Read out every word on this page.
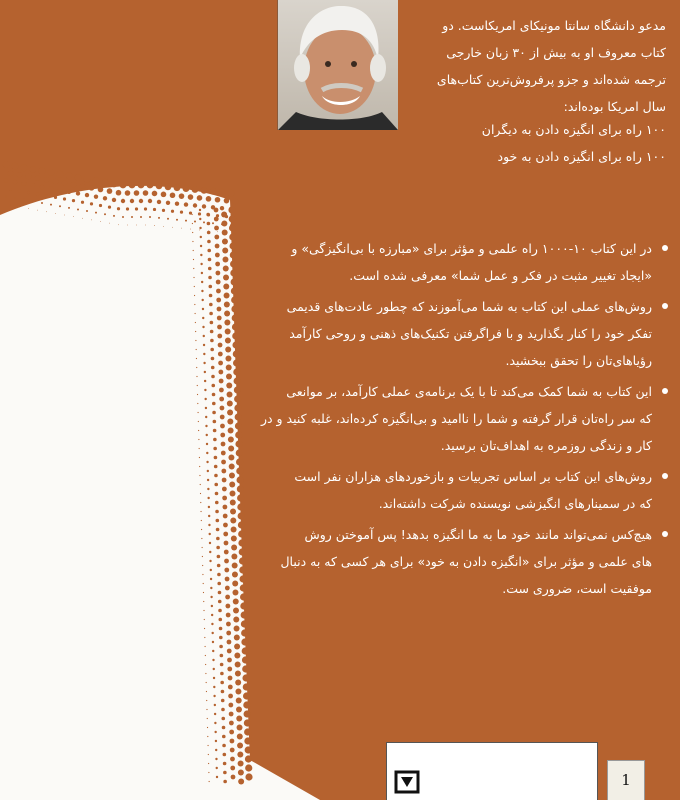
مدعو دانشگاه سانتا مونیکای امریکاست. دو
کتاب معروف او به بیش از ۳۰ زبان خارجی
ترجمه شده‌اند و جزو پرفروش‌ترین کتاب‌های
سال امریکا بوده‌اند:
۱۰۰ راه برای انگیزه دادن به دیگران
۱۰۰ راه برای انگیزه دادن به خود
در این کتاب ۱۰-۱۰۰۰ راه علمی و مؤثر برای «مبارزه با بی‌انگیزگی» و
«ایجاد تغییر مثبت در فکر و عمل شما» معرفی شده است.
روش‌های عملی این کتاب به شما می‌آموزند که چطور عادت‌های قدیمی
تفکر خود را کنار بگذارید و با فراگرفتن تکنیک‌های ذهنی و روحی کارآمد
رؤیاهای‌تان را تحقق ببخشید.
این کتاب به شما کمک می‌کند تا با یک برنامه‌ی عملی کارآمد، بر موانعی
که سر راه‌تان قرار گرفته و شما را ناامید و بی‌انگیزه کرده‌اند، غلبه کنید و در
کار و زندگی روزمره به اهداف‌تان برسید.
روش‌های این کتاب بر اساس تجربیات و بازخوردهای هزاران نفر است
که در سمینارهای انگیزشی نویسنده شرکت داشته‌اند.
هیچ‌کس نمی‌تواند مانند خود ما به ما انگیزه بدهد! پس آموختن روش
های علمی و مؤثر برای «انگیزه دادن به خود» برای هر کسی که به دنبال
موفقیت است، ضروری ست.
1
